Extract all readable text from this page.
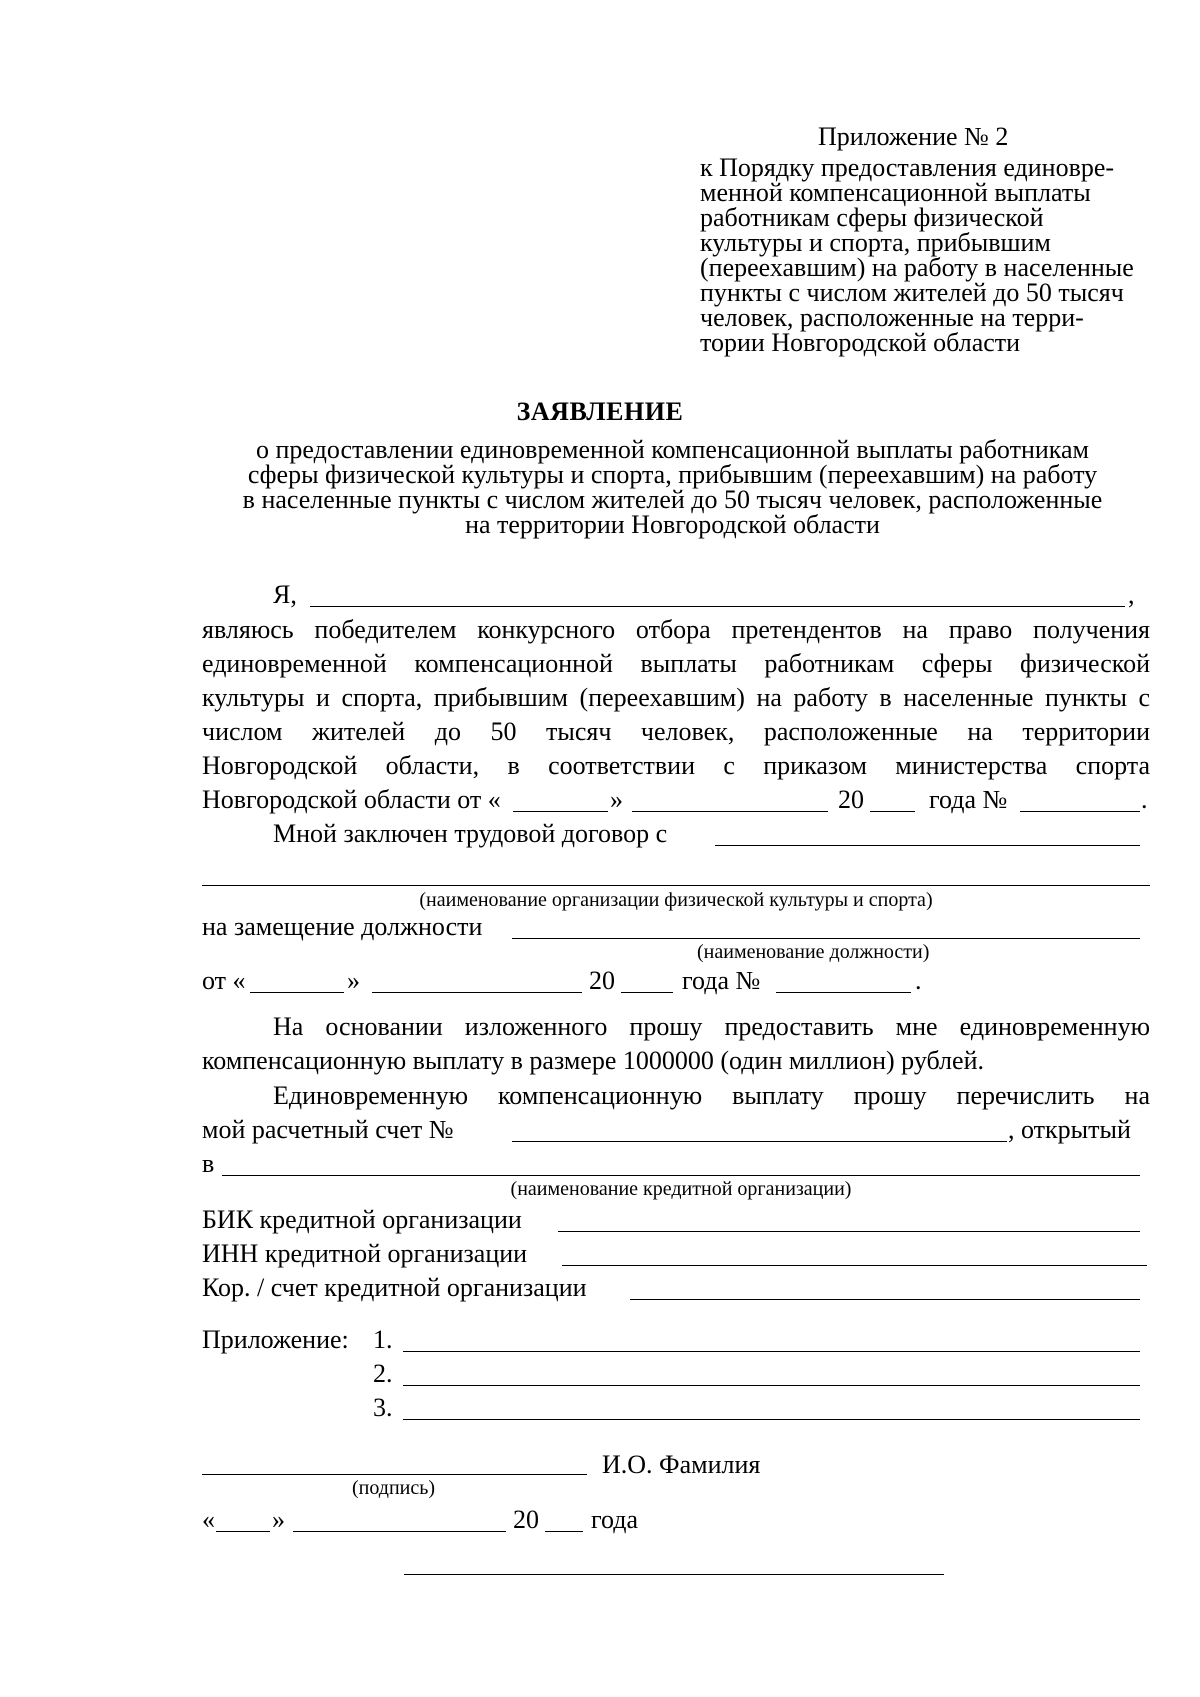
Приложение № 2
к Порядку предоставления единовре-
менной компенсационной выплаты
работникам сферы физической
культуры и спорта, прибывшим
(переехавшим) на работу в населенные
пункты с числом жителей до 50 тысяч
человек, расположенные на терри-
тории Новгородской области
ЗАЯВЛЕНИЕ
о предоставлении единовременной компенсационной выплаты работникам
сферы физической культуры и спорта, прибывшим (переехавшим) на работу
в населенные пункты с числом жителей до 50 тысяч человек, расположенные
на территории Новгородской области
Я,	,
являюсь победителем конкурсного отбора претендентов на право получения
единовременной компенсационной выплаты работникам сферы физической
культуры и спорта, прибывшим (переехавшим) на работу в населенные пункты с
числом жителей до 50 тысяч человек, расположенные на территории
Новгородской области, в соответствии с приказом министерства спорта
Новгородской области от «	»	20	года №	.
Мной заключен трудовой договор с
(наименование организации физической культуры и спорта)
на замещение должности
(наименование должности)
от «	»	20	года №	.
На основании изложенного прошу предоставить мне единовременную
компенсационную выплату в размере 1000000 (один миллион) рублей.
Единовременную компенсационную выплату прошу перечислить на
мой расчетный счет №	, открытый
в
(наименование кредитной организации)
БИК кредитной организации
ИНН кредитной организации
Кор. / счет кредитной организации
Приложение: 1.
2.
3.
И.О. Фамилия
(подпись)
« »	20 года
